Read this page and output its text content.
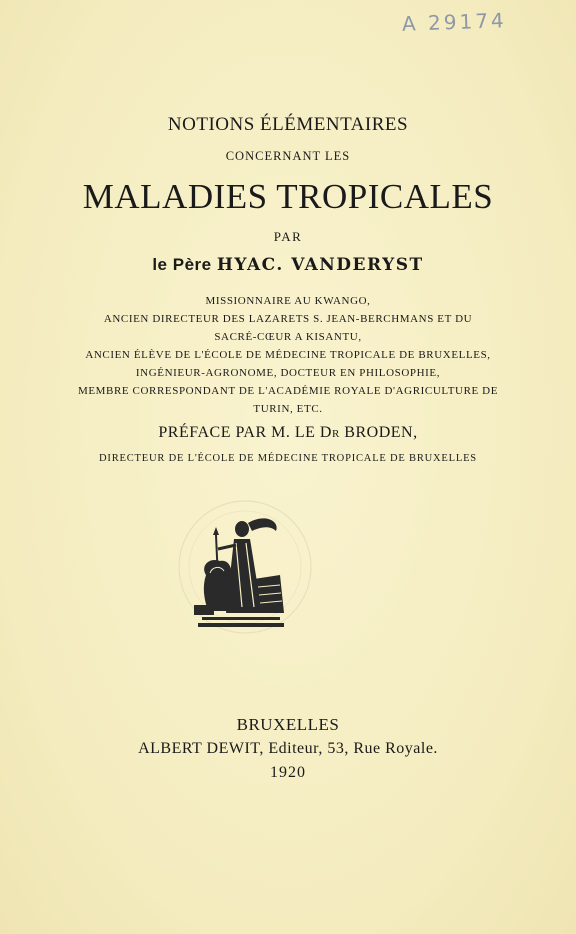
A 29174
NOTIONS ÉLÉMENTAIRES
CONCERNANT LES
MALADIES TROPICALES
PAR
le Père HYAC. VANDERYST
MISSIONNAIRE AU KWANGO,
ANCIEN DIRECTEUR DES LAZARETS S. JEAN-BERCHMANS ET DU
SACRÉ-CŒUR A KISANTU,
ANCIEN ÉLÈVE DE L'ÉCOLE DE MÉDECINE TROPICALE DE BRUXELLES,
INGÉNIEUR-AGRONOME, DOCTEUR EN PHILOSOPHIE,
MEMBRE CORRESPONDANT DE L'ACADÉMIE ROYALE D'AGRICULTURE DE
TURIN, ETC.
PRÉFACE PAR M. LE DR BRODEN,
DIRECTEUR DE L'ÉCOLE DE MÉDECINE TROPICALE DE BRUXELLES
BRUXELLES
ALBERT DEWIT, Editeur, 53, Rue Royale.
1920
